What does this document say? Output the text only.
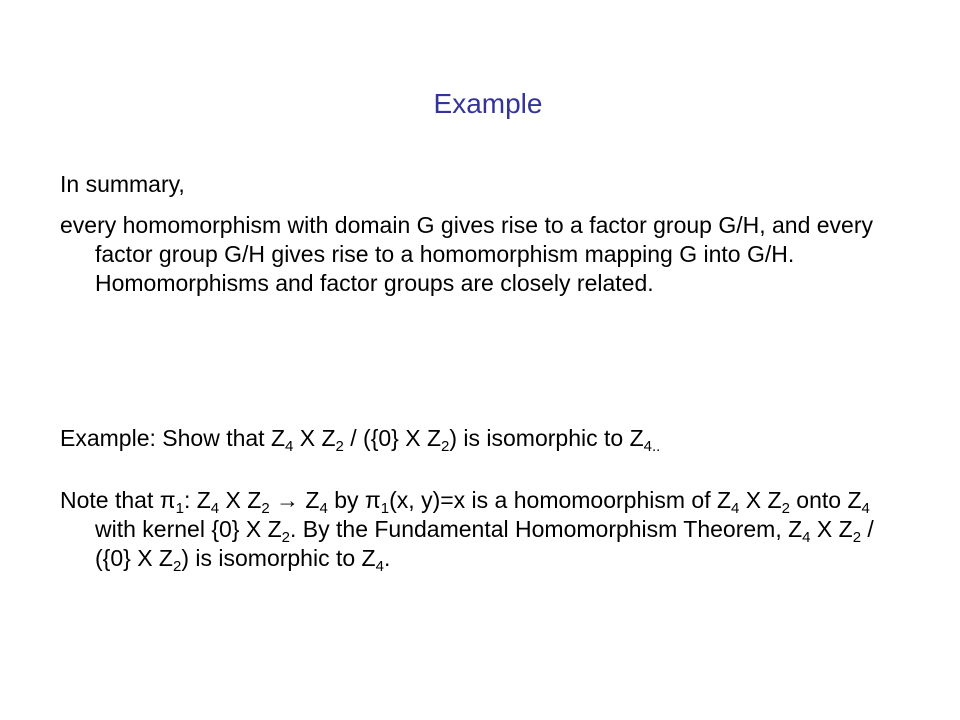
Example
In summary,

every homomorphism with domain G gives rise to a factor group G/H, and every factor group G/H gives rise to a homomorphism mapping G into G/H. Homomorphisms and factor groups are closely related.

Example: Show that $Z_4$ X $Z_2 / (\{0\}$ X $Z_2$) is isomorphic to $Z_{4..}$

Note that $\pi_1$: $Z_4$ X $Z_2 \to Z_4$ by $\pi_1(x$, y)=x is a homomoorphism of $Z_4$ X $Z_2$ onto $Z_4$ with kernel {0} X $Z_2$. By the Fundamental Homomorphism Theorem, $Z_4$ X $Z_2 / (\{0\}$ X $Z_2$) is isomorphic to $Z_4$.
